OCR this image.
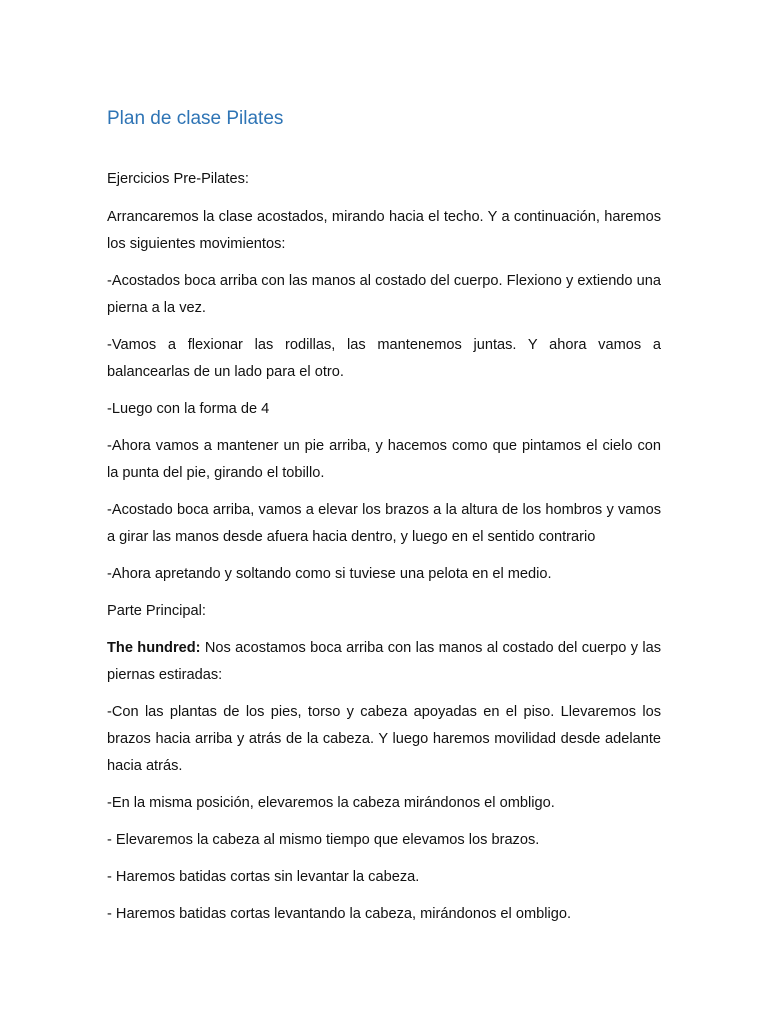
Plan de clase Pilates

Ejercicios Pre-Pilates:

Arrancaremos la clase acostados, mirando hacia el techo. Y a continuación, haremos los siguientes movimientos:

-Acostados boca arriba con las manos al costado del cuerpo. Flexiono y extiendo una pierna a la vez.

-Vamos a flexionar las rodillas, las mantenemos juntas. Y ahora vamos a balancearlas de un lado para el otro.

-Luego con la forma de 4

-Ahora vamos a mantener un pie arriba, y hacemos como que pintamos el cielo con la punta del pie, girando el tobillo.

-Acostado boca arriba, vamos a elevar los brazos a la altura de los hombros y vamos a girar las manos desde afuera hacia dentro, y luego en el sentido contrario

-Ahora apretando y soltando como si tuviese una pelota en el medio.

Parte Principal:

The hundred: Nos acostamos boca arriba con las manos al costado del cuerpo y las piernas estiradas:

-Con las plantas de los pies, torso y cabeza apoyadas en el piso. Llevaremos los brazos hacia arriba y atrás de la cabeza. Y luego haremos movilidad desde adelante hacia atrás.

-En la misma posición, elevaremos la cabeza mirándonos el ombligo.

- Elevaremos la cabeza al mismo tiempo que elevamos los brazos.

- Haremos batidas cortas sin levantar la cabeza.

- Haremos batidas cortas levantando la cabeza, mirándonos el ombligo.
